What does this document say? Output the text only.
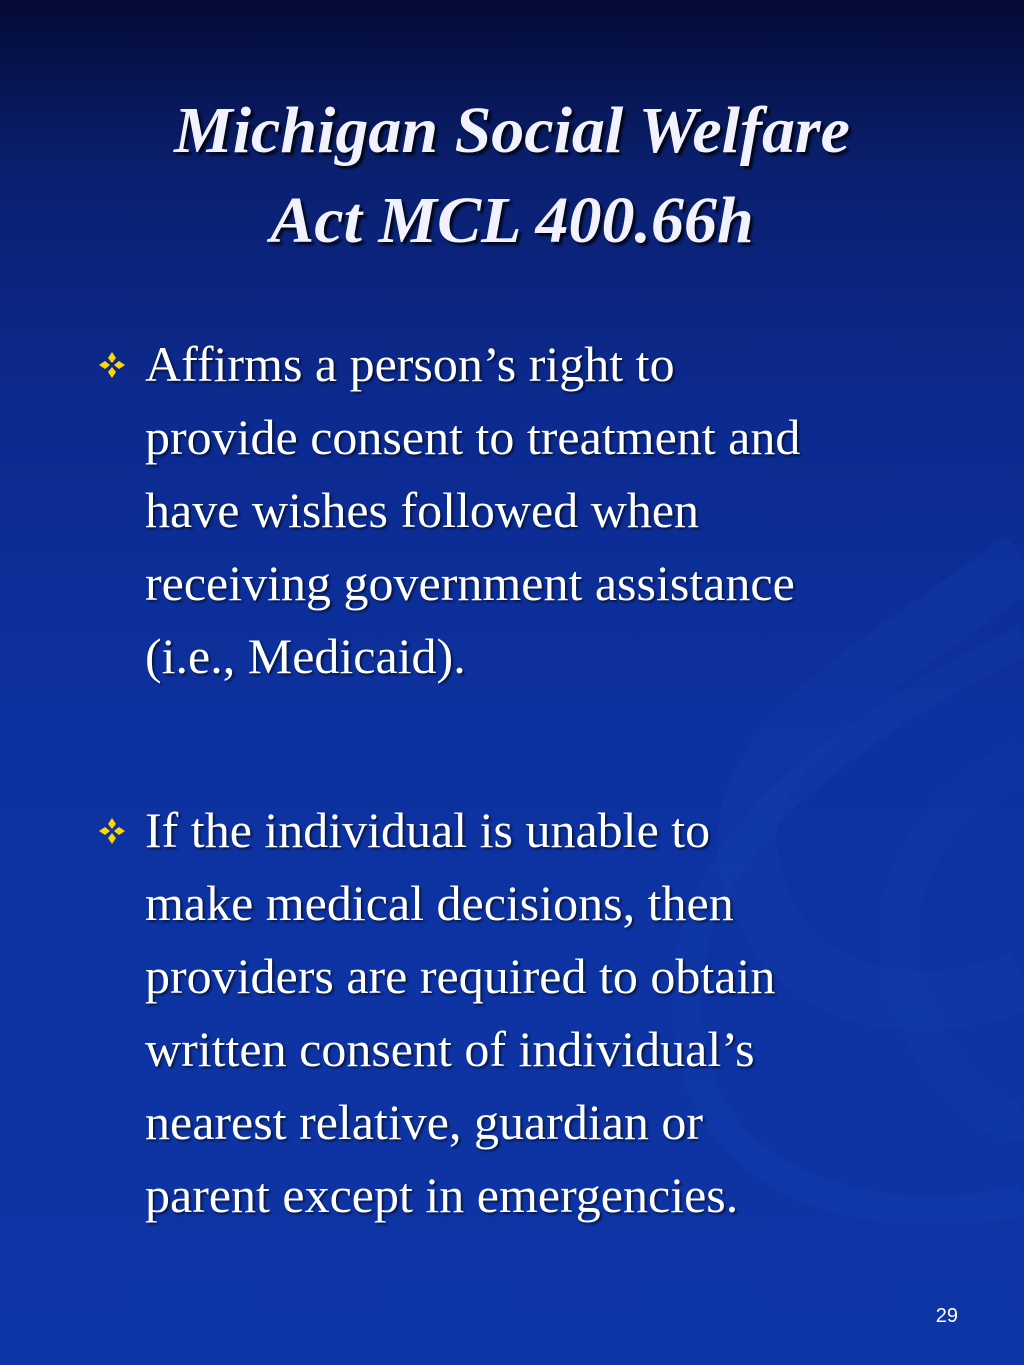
Michigan Social Welfare
Act MCL 400.66h
Affirms a person’s right to
provide consent to treatment and
have wishes followed when
receiving government assistance
(i.e., Medicaid).
If the individual is unable to
make medical decisions, then
providers are required to obtain
written consent of individual’s
nearest relative, guardian or
parent except in emergencies.
29
